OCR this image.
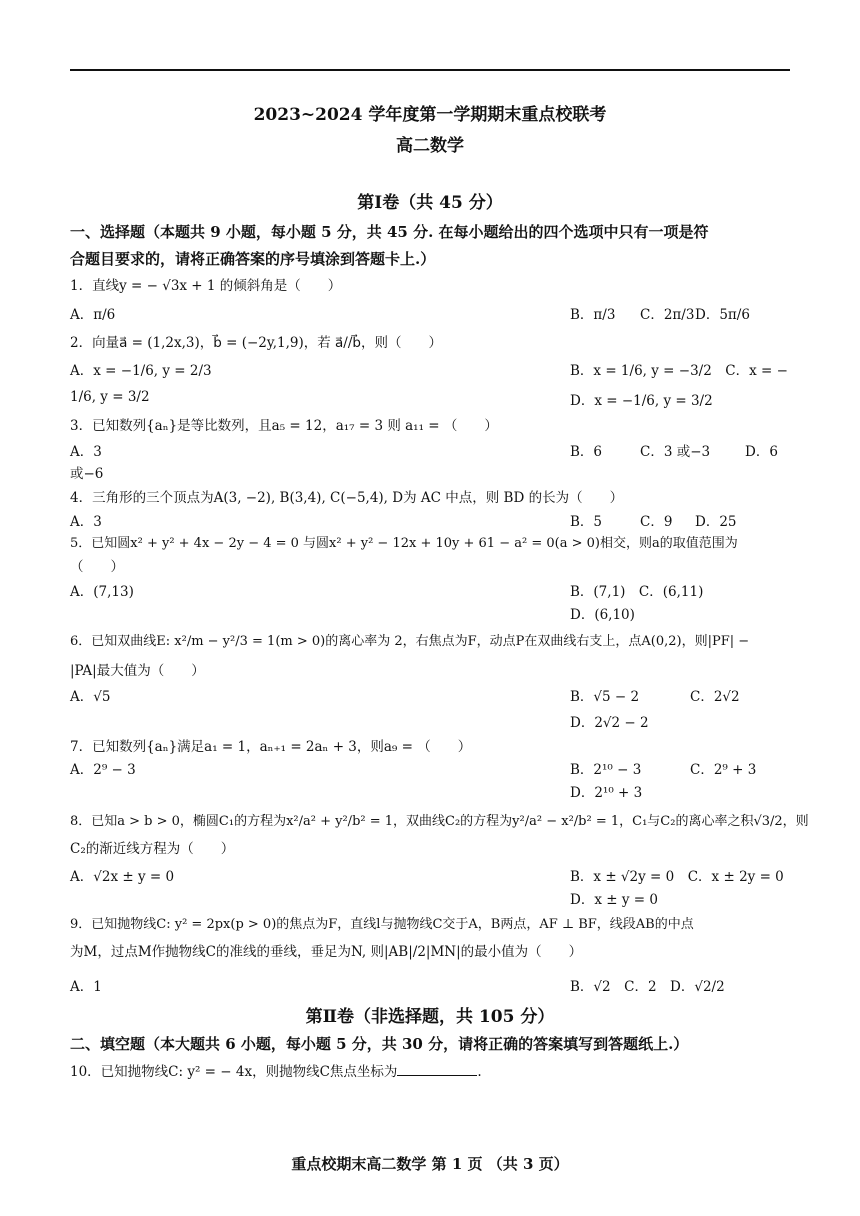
2023~2024 学年度第一学期期末重点校联考
高二数学
第Ⅰ卷（共 45 分）
一、选择题（本题共 9 小题，每小题 5 分，共 45 分. 在每小题给出的四个选项中只有一项是符
合题目要求的，请将正确答案的序号填涂到答题卡上.）
1．直线y = − √3x + 1 的倾斜角是（　　）
A．π/6	B．π/3 C．2π/3 D．5π/6
2．向量a⃗ = (1,2x,3)，b⃗ = (−2y,1,9)，若 a⃗//b⃗，则（　　）
A．x = −1/6, y = 2/3	B．x = 1/6, y = −3/2　C．x = −
1/6, y = 3/2	D．x = −1/6, y = 3/2
3．已知数列{aₙ}是等比数列，且a₅ = 12，a₁₇ = 3 则 a₁₁ = （　　）
A．3	B．6	C．3 或−3	D．6
或−6
4．三角形的三个顶点为A(3, −2), B(3,4), C(−5,4), D为 AC 中点，则 BD 的长为（　　）
A．3	B．5	C．9 D．25
5．已知圆x² + y² + 4x − 2y − 4 = 0 与圆x² + y² − 12x + 10y + 61 − a² = 0(a > 0)相交，则a的取值范围为
（　　）
A．(7,13)	B．(7,1)　C．(6,11)
D．(6,10)
6．已知双曲线E: x²/m − y²/3 = 1(m > 0)的离心率为 2，右焦点为F，动点P在双曲线右支上，点A(0,2)，则|PF| −
|PA|最大值为（　　）
A．√5	B．√5 − 2	C．2√2
D．2√2 − 2
7．已知数列{aₙ}满足a₁ = 1，aₙ₊₁ = 2aₙ + 3，则a₉ = （　　）
A．2⁹ − 3	B．2¹⁰ − 3	C．2⁹ + 3
D．2¹⁰ + 3
8．已知a > b > 0，椭圆C₁的方程为x²/a² + y²/b² = 1，双曲线C₂的方程为y²/a² − x²/b² = 1，C₁与C₂的离心率之积√3/2，则
C₂的渐近线方程为（　　）
A．√2x ± y = 0	B．x ± √2y = 0　C．x ± 2y = 0
D．x ± y = 0
9．已知抛物线C: y² = 2px(p > 0)的焦点为F，直线l与抛物线C交于A，B两点，AF ⊥ BF，线段AB的中点
为M，过点M作抛物线C的准线的垂线，垂足为N, 则|AB|/2|MN|的最小值为（　　）
A．1	B．√2　C．2　D．√2/2
第Ⅱ卷（非选择题，共 105 分）
二、填空题（本大题共 6 小题，每小题 5 分，共 30 分，请将正确的答案填写到答题纸上.）
10．已知抛物线C: y² = − 4x，则抛物线C焦点坐标为	.
重点校期末高二数学 第 1 页 （共 3 页）
